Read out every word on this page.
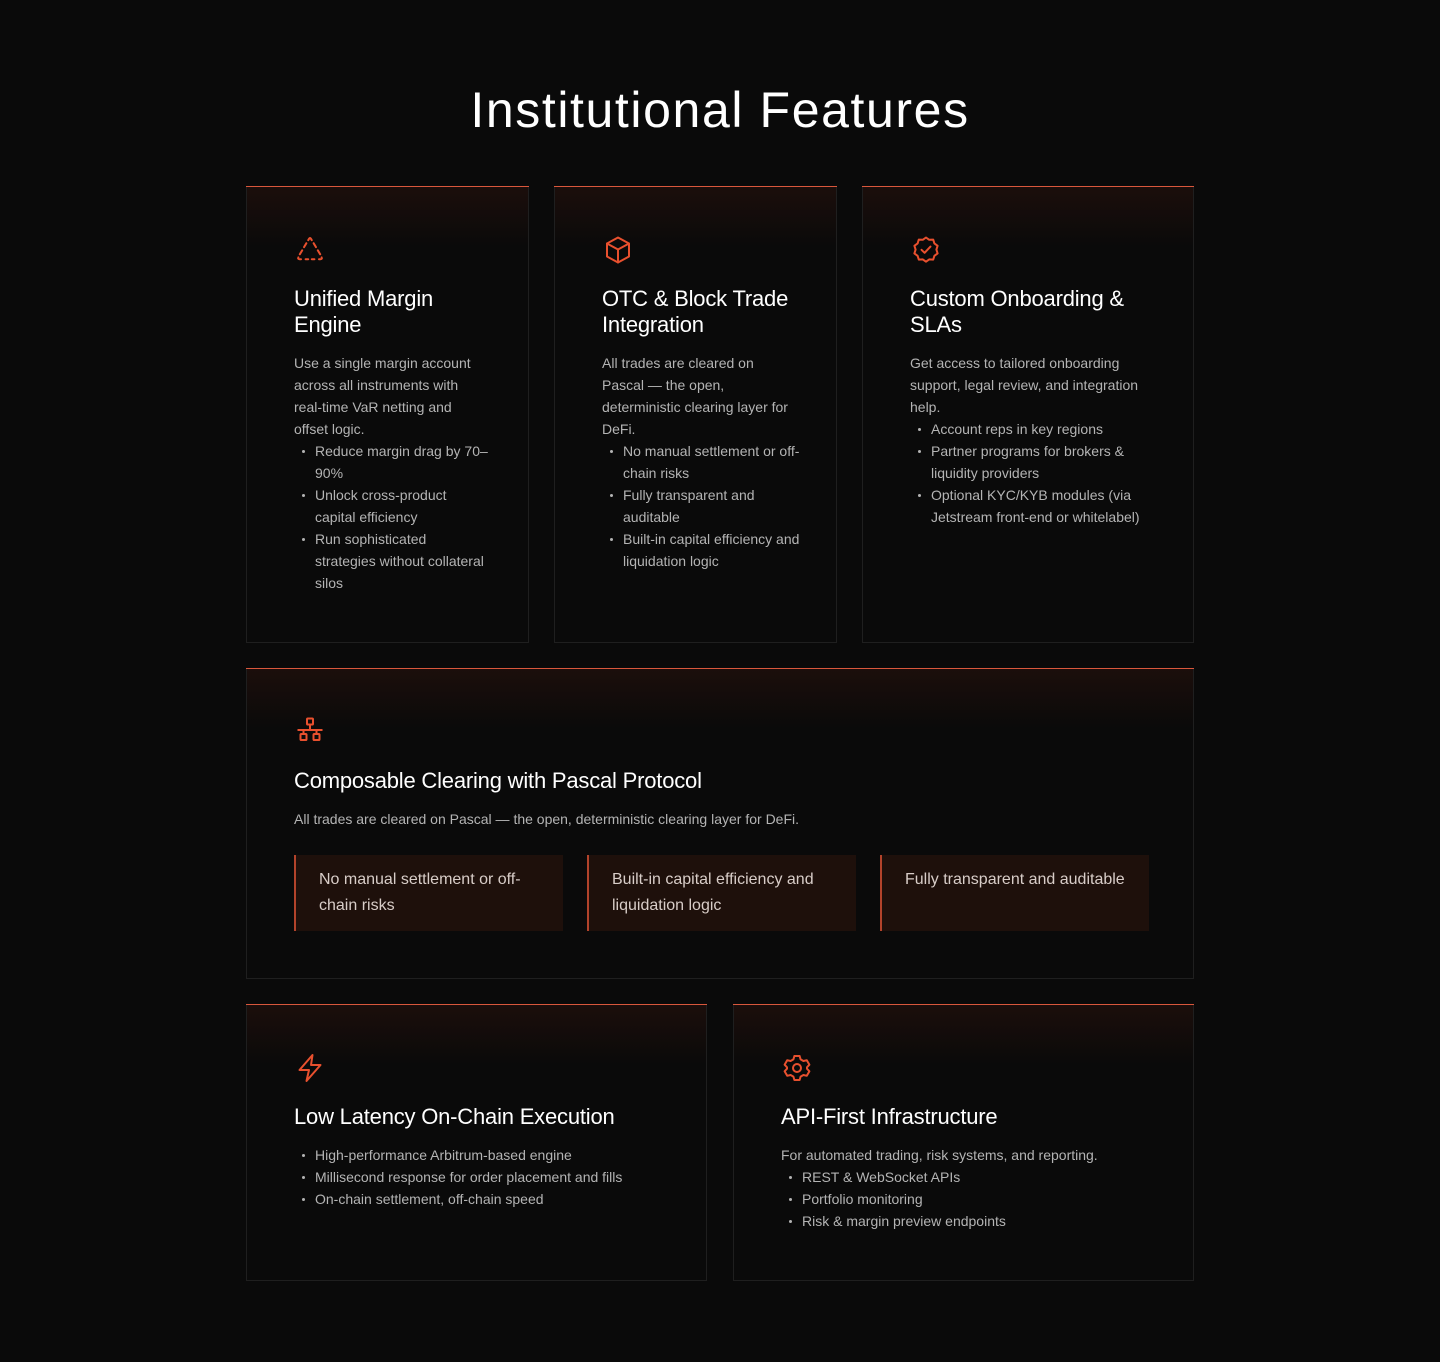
Institutional Features
Unified Margin Engine

Use a single margin account across all instruments with real-time VaR netting and offset logic.

Reduce margin drag by 70–90%
Unlock cross-product capital efficiency
Run sophisticated strategies without collateral silos
OTC & Block Trade Integration

All trades are cleared on Pascal — the open, deterministic clearing layer for DeFi.

No manual settlement or off-chain risks
Fully transparent and auditable
Built-in capital efficiency and liquidation logic
Custom Onboarding & SLAs

Get access to tailored onboarding support, legal review, and integration help.

Account reps in key regions
Partner programs for brokers & liquidity providers
Optional KYC/KYB modules (via Jetstream front-end or whitelabel)
Composable Clearing with Pascal Protocol

All trades are cleared on Pascal — the open, deterministic clearing layer for DeFi.

No manual settlement or off-chain risks
Built-in capital efficiency and liquidation logic
Fully transparent and auditable
Low Latency On-Chain Execution
High-performance Arbitrum-based engine
Millisecond response for order placement and fills
On-chain settlement, off-chain speed
API-First Infrastructure

For automated trading, risk systems, and reporting.

REST & WebSocket APIs
Portfolio monitoring
Risk & margin preview endpoints
